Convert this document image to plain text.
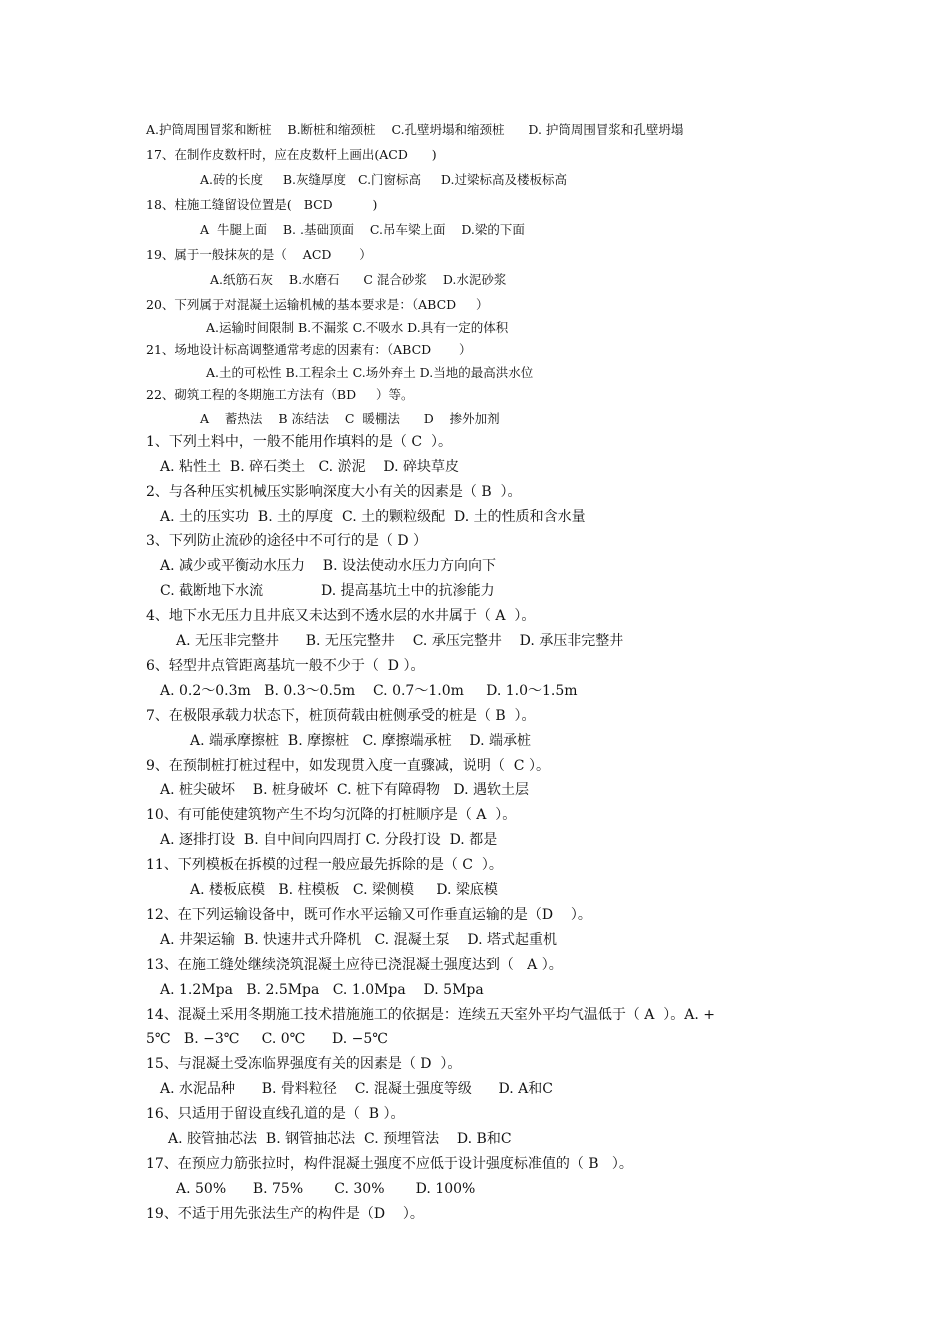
A.护筒周围冒浆和断桩    B.断桩和缩颈桩    C.孔壁坍塌和缩颈桩      D. 护筒周围冒浆和孔壁坍塌
17、在制作皮数杆时，应在皮数杆上画出(ACD      )
A.砖的长度     B.灰缝厚度   C.门窗标高     D.过梁标高及楼板标高
18、柱施工缝留设位置是(   BCD          )
A  牛腿上面    B. .基础顶面    C.吊车梁上面    D.梁的下面
19、属于一般抹灰的是（    ACD       ）
A.纸筋石灰    B.水磨石      C 混合砂浆    D.水泥砂浆
20、下列属于对混凝土运输机械的基本要求是：（ABCD     ）
A.运输时间限制 B.不漏浆 C.不吸水 D.具有一定的体积
21、场地设计标高调整通常考虑的因素有：（ABCD       ）
A.土的可松性 B.工程余土 C.场外弃土 D.当地的最高洪水位
22、砌筑工程的冬期施工方法有（BD     ）等。
A    蓄热法    B 冻结法    C  暖棚法      D    掺外加剂
1、下列土料中，一般不能用作填料的是（ C  ）。
A. 粘性土  B. 碎石类土   C. 淤泥    D. 碎块草皮
2、与各种压实机械压实影响深度大小有关的因素是（ B  ）。
A. 土的压实功  B. 土的厚度  C. 土的颗粒级配  D. 土的性质和含水量
3、下列防止流砂的途径中不可行的是（ D ）
A. 减少或平衡动水压力    B. 设法使动水压力方向向下
C. 截断地下水流             D. 提高基坑土中的抗渗能力
4、地下水无压力且井底又未达到不透水层的水井属于（ A  ）。
A. 无压非完整井      B. 无压完整井    C. 承压完整井    D. 承压非完整井
6、轻型井点管距离基坑一般不少于（  D ）。
A. 0.2～0.3m   B. 0.3～0.5m    C. 0.7～1.0m     D. 1.0～1.5m
7、在极限承载力状态下，桩顶荷载由桩侧承受的桩是（ B  ）。
A. 端承摩擦桩  B. 摩擦桩   C. 摩擦端承桩    D. 端承桩
9、在预制桩打桩过程中，如发现贯入度一直骤减，说明（  C ）。
A. 桩尖破坏    B. 桩身破坏  C. 桩下有障碍物   D. 遇软土层
10、有可能使建筑物产生不均匀沉降的打桩顺序是（ A  ）。
A. 逐排打设  B. 自中间向四周打 C. 分段打设  D. 都是
11、下列模板在拆模的过程一般应最先拆除的是（ C  ）。
A. 楼板底模   B. 柱模板   C. 梁侧模     D. 梁底模
12、在下列运输设备中，既可作水平运输又可作垂直运输的是（D    ）。
A. 井架运输  B. 快速井式升降机   C. 混凝土泵    D. 塔式起重机
13、在施工缝处继续浇筑混凝土应待已浇混凝土强度达到（   A ）。
A. 1.2Mpa   B. 2.5Mpa   C. 1.0Mpa    D. 5Mpa
14、混凝土采用冬期施工技术措施施工的依据是：连续五天室外平均气温低于（ A  ）。A. +
5℃   B. −3℃     C. 0℃      D. −5℃
15、与混凝土受冻临界强度有关的因素是（ D  ）。
A. 水泥品种      B. 骨料粒径    C. 混凝土强度等级      D. A和C
16、只适用于留设直线孔道的是（  B ）。
A. 胶管抽芯法  B. 钢管抽芯法  C. 预埋管法    D. B和C
17、在预应力筋张拉时，构件混凝土强度不应低于设计强度标准值的（ B   ）。
A. 50%      B. 75%       C. 30%       D. 100%
19、不适于用先张法生产的构件是（D    ）。
